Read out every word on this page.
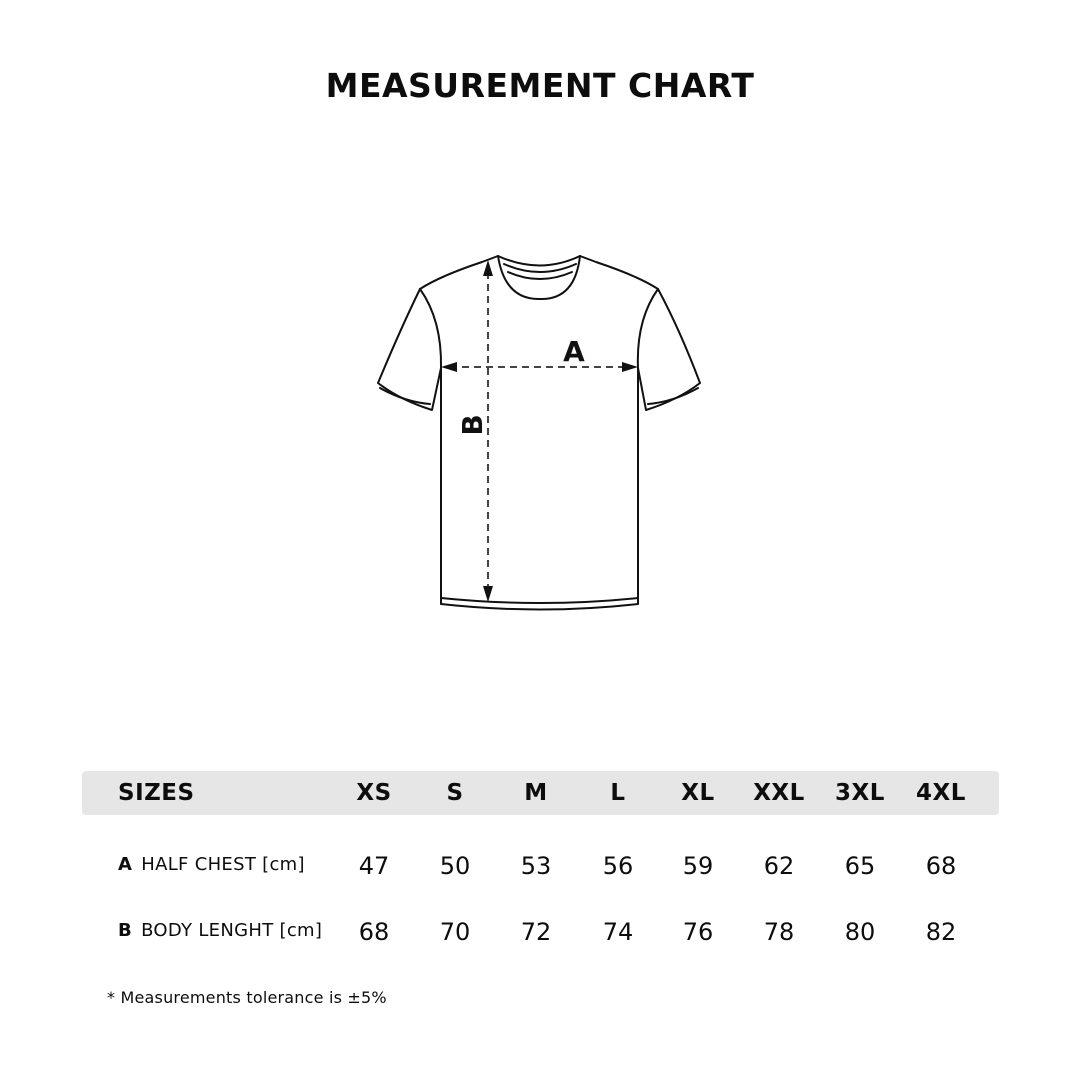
MEASUREMENT CHART
A
B
SIZES	XS S	M	L XL XXL 3XL 4XL
A HALF CHEST [cm] 47 50 53 56 59 62 65 68
B BODY LENGHT [cm] 68 70 72 74 76 78 80 82
* Measurements tolerance is ±5%
